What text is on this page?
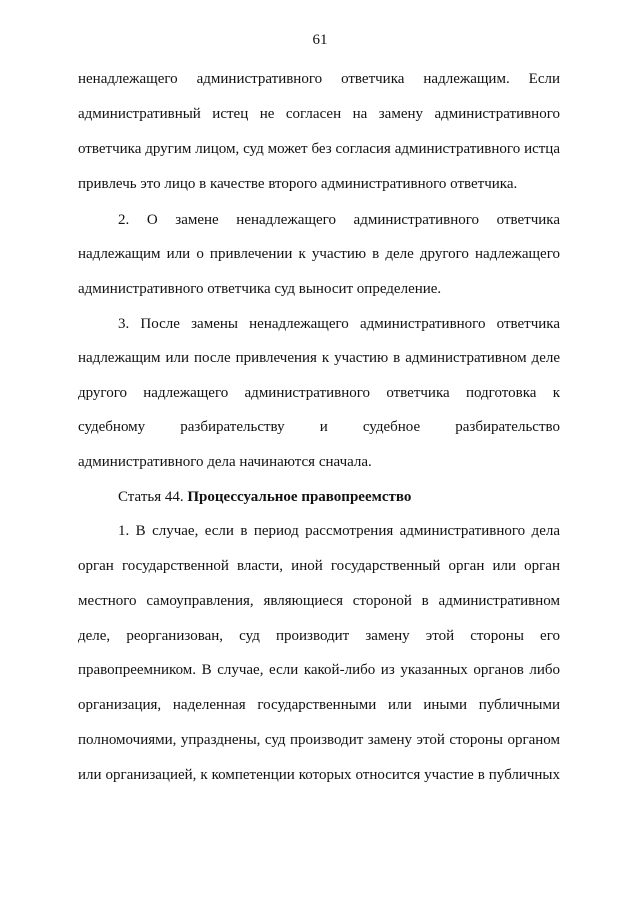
61
ненадлежащего административного ответчика надлежащим. Если
административный истец не согласен на замену административного
ответчика другим лицом, суд может без согласия административного истца
привлечь это лицо в качестве второго административного ответчика.
2. О замене ненадлежащего административного ответчика
надлежащим или о привлечении к участию в деле другого надлежащего
административного ответчика суд выносит определение.
3. После замены ненадлежащего административного ответчика
надлежащим или после привлечения к участию в административном деле
другого надлежащего административного ответчика подготовка к
судебному разбирательству и судебное разбирательство
административного дела начинаются сначала.
Статья 44. Процессуальное правопреемство
1. В случае, если в период рассмотрения административного дела
орган государственной власти, иной государственный орган или орган
местного самоуправления, являющиеся стороной в административном
деле, реорганизован, суд производит замену этой стороны его
правопреемником. В случае, если какой-либо из указанных органов либо
организация, наделенная государственными или иными публичными
полномочиями, упразднены, суд производит замену этой стороны органом
или организацией, к компетенции которых относится участие в публичных
